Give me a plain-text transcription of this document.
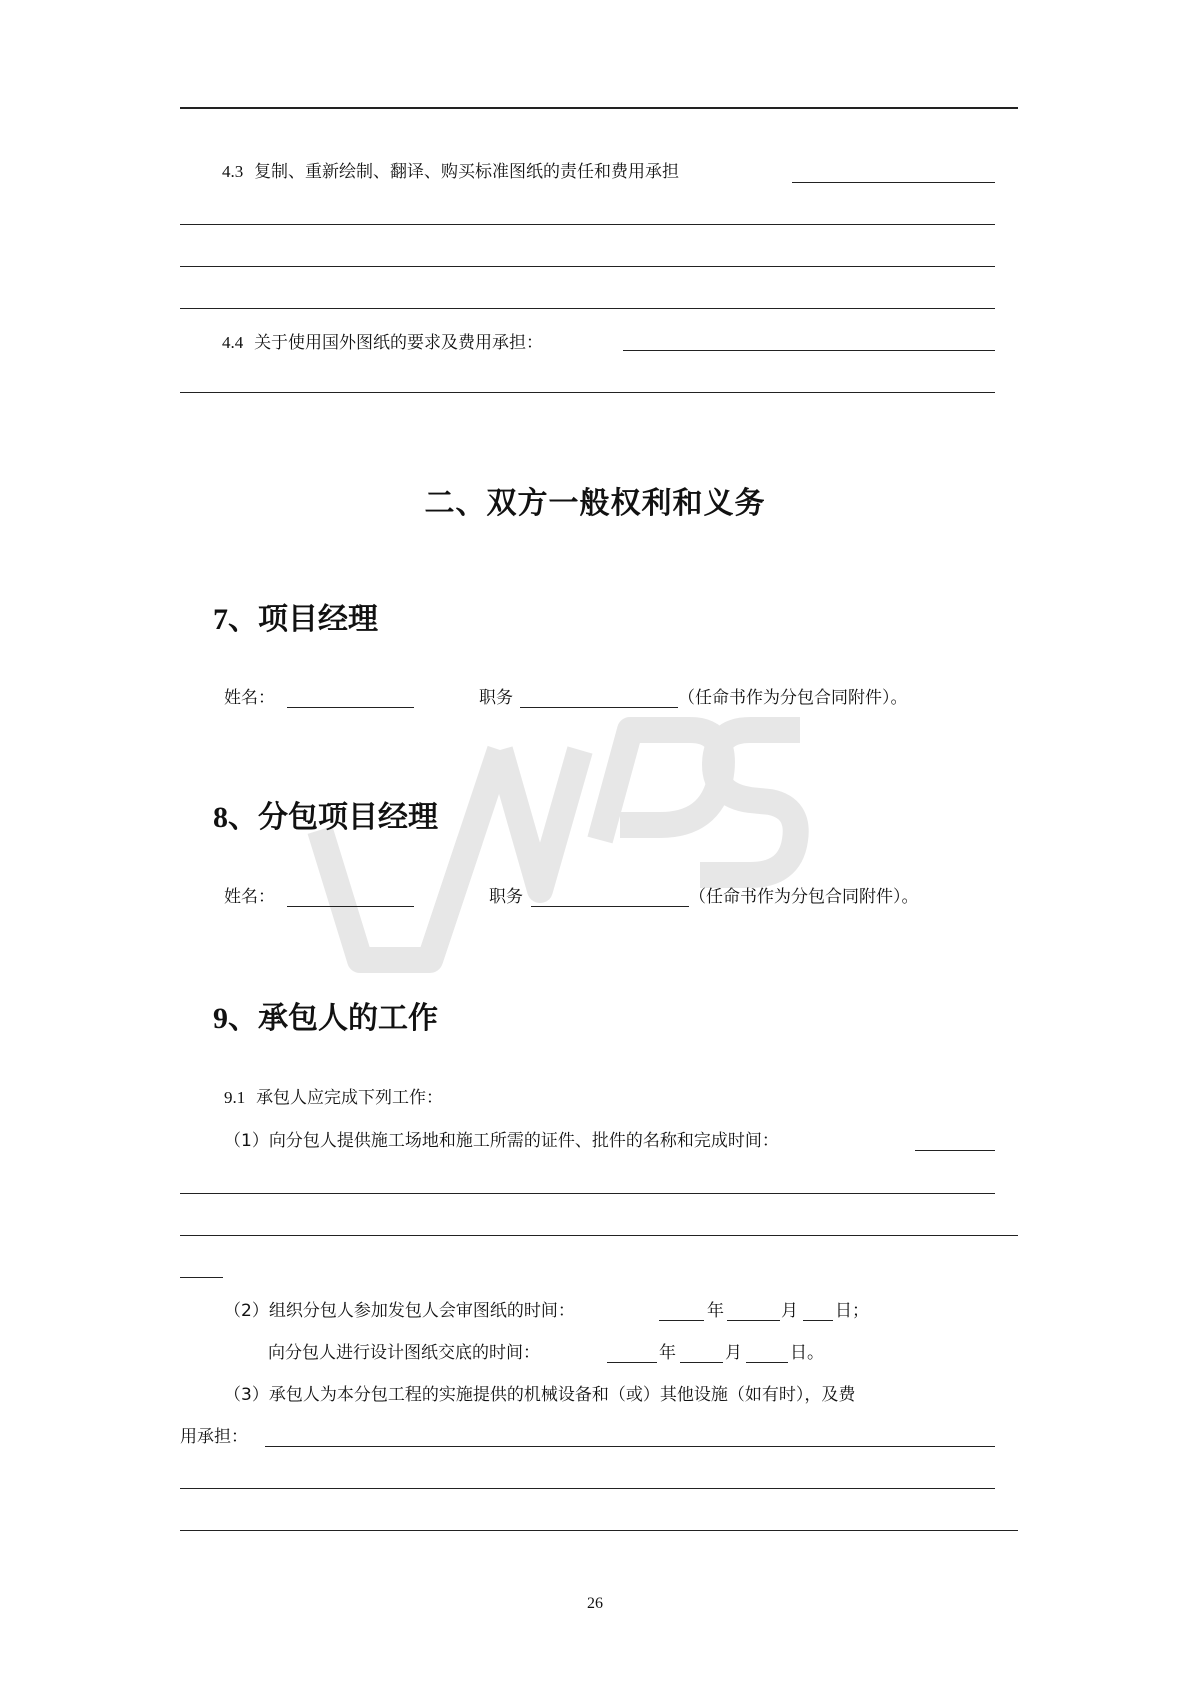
4.3 复制、重新绘制、翻译、购买标准图纸的责任和费用承担
4.4 关于使用国外图纸的要求及费用承担：
二、双方一般权利和义务
7、项目经理
姓名：	职务	（任命书作为分包合同附件）。
8、分包项目经理
姓名：	职务	（任命书作为分包合同附件）。
9、承包人的工作
9.1 承包人应完成下列工作：
（1）向分包人提供施工场地和施工所需的证件、批件的名称和完成时间：
（2）组织分包人参加发包人会审图纸的时间：	年	月 日；
向分包人进行设计图纸交底的时间：	年	月	日。
（3）承包人为本分包工程的实施提供的机械设备和（或）其他设施（如有时），及费
用承担：
26
